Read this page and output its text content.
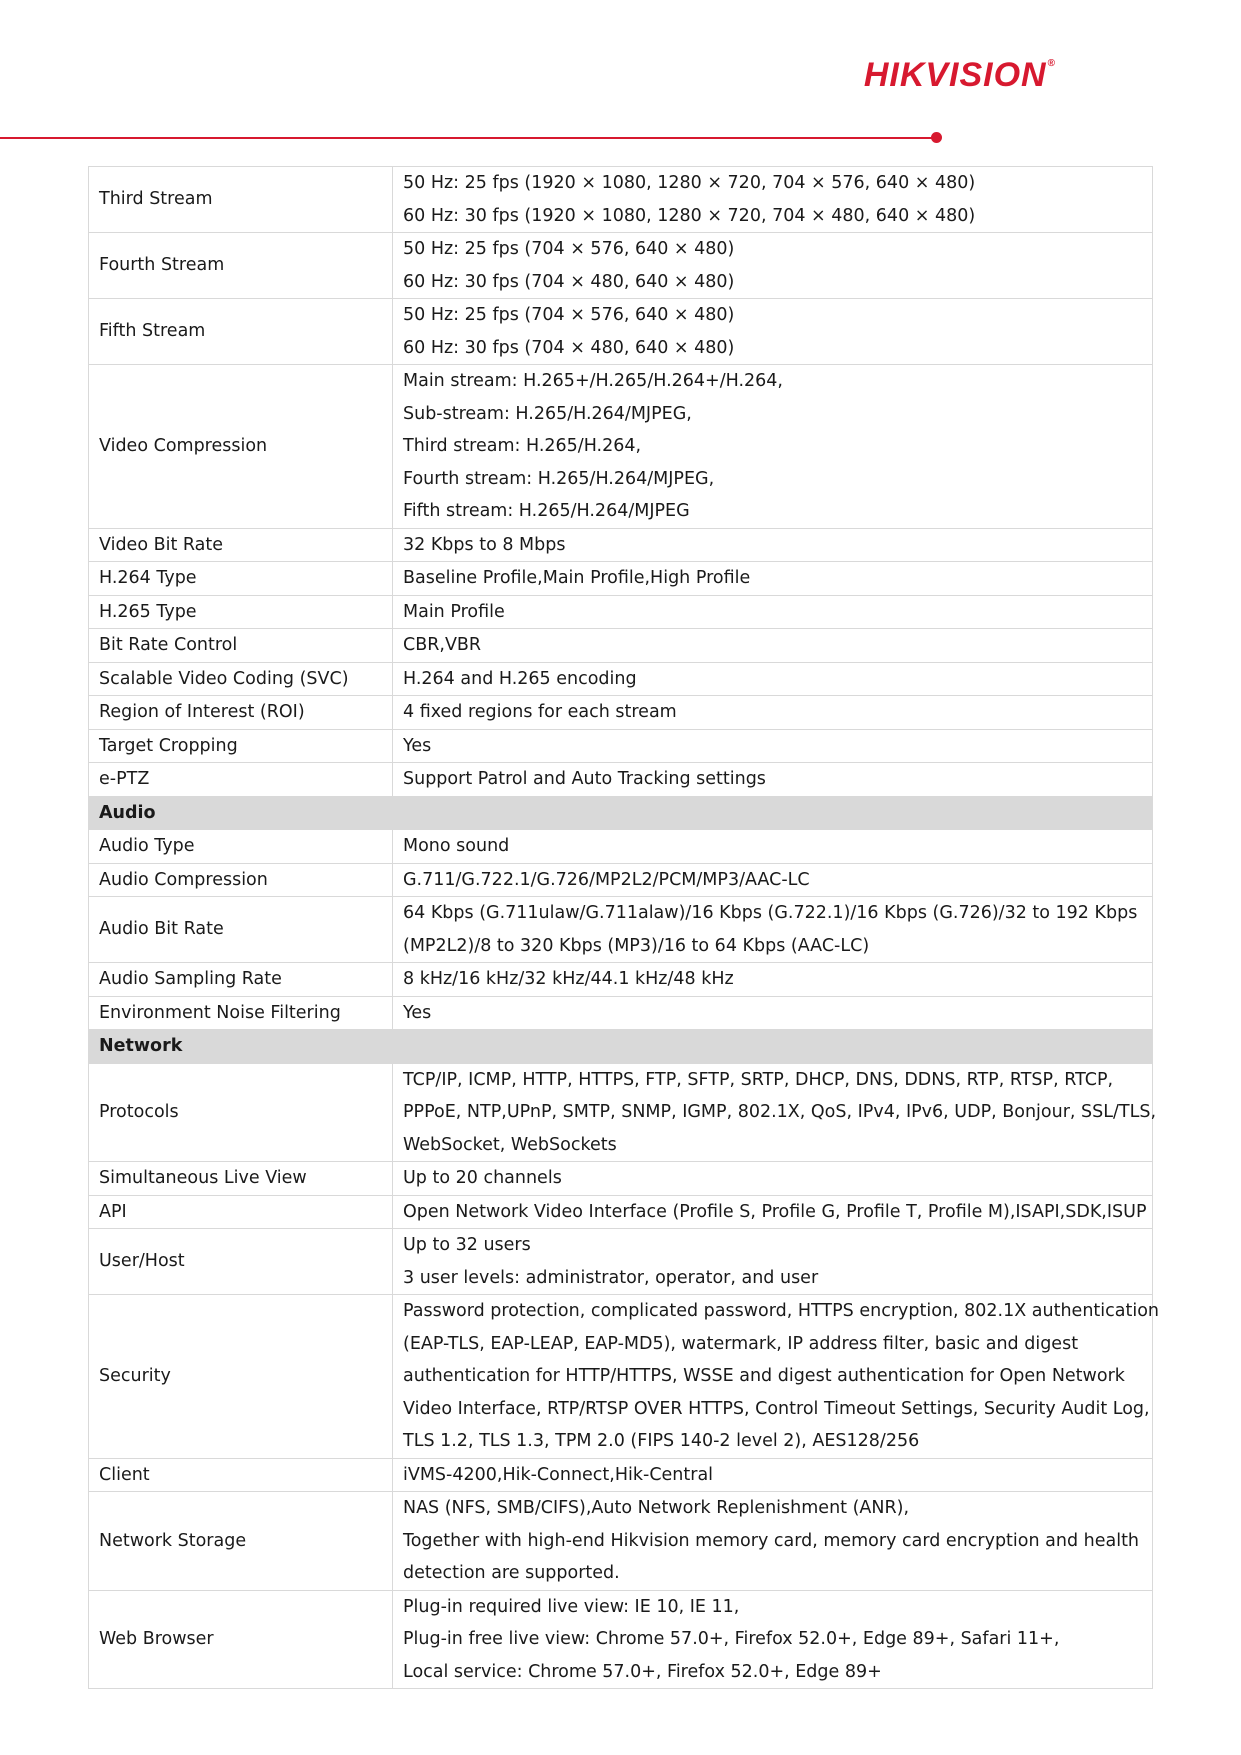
HIKVISION®
Third Stream	50 Hz: 25 fps (1920 × 1080, 1280 × 720, 704 × 576, 640 × 480)
60 Hz: 30 fps (1920 × 1080, 1280 × 720, 704 × 480, 640 × 480)

Fourth Stream	50 Hz: 25 fps (704 × 576, 640 × 480)
60 Hz: 30 fps (704 × 480, 640 × 480)

Fifth Stream	50 Hz: 25 fps (704 × 576, 640 × 480)
60 Hz: 30 fps (704 × 480, 640 × 480)

Video Compression	Main stream: H.265+/H.265/H.264+/H.264,
Sub-stream: H.265/H.264/MJPEG,
Third stream: H.265/H.264,
Fourth stream: H.265/H.264/MJPEG,
Fifth stream: H.265/H.264/MJPEG

Video Bit Rate	32 Kbps to 8 Mbps

H.264 Type	Baseline Profile,Main Profile,High Profile

H.265 Type	Main Profile

Bit Rate Control	CBR,VBR

Scalable Video Coding (SVC)	H.264 and H.265 encoding

Region of Interest (ROI)	4 fixed regions for each stream

Target Cropping	Yes

e-PTZ	Support Patrol and Auto Tracking settings

Audio	
Audio Type	Mono sound

Audio Compression	G.711/G.722.1/G.726/MP2L2/PCM/MP3/AAC-LC

Audio Bit Rate	64 Kbps (G.711ulaw/G.711alaw)/16 Kbps (G.722.1)/16 Kbps (G.726)/32 to 192 Kbps
(MP2L2)/8 to 320 Kbps (MP3)/16 to 64 Kbps (AAC-LC)

Audio Sampling Rate	8 kHz/16 kHz/32 kHz/44.1 kHz/48 kHz

Environment Noise Filtering	Yes

Network	
Protocols	TCP/IP, ICMP, HTTP, HTTPS, FTP, SFTP, SRTP, DHCP, DNS, DDNS, RTP, RTSP, RTCP,
PPPoE, NTP,UPnP, SMTP, SNMP, IGMP, 802.1X, QoS, IPv4, IPv6, UDP, Bonjour, SSL/TLS,
WebSocket, WebSockets

Simultaneous Live View	Up to 20 channels

API	Open Network Video Interface (Profile S, Profile G, Profile T, Profile M),ISAPI,SDK,ISUP

User/Host	Up to 32 users
3 user levels: administrator, operator, and user

Security	Password protection, complicated password, HTTPS encryption, 802.1X authentication
(EAP-TLS, EAP-LEAP, EAP-MD5), watermark, IP address filter, basic and digest
authentication for HTTP/HTTPS, WSSE and digest authentication for Open Network
Video Interface, RTP/RTSP OVER HTTPS, Control Timeout Settings, Security Audit Log,
TLS 1.2, TLS 1.3, TPM 2.0 (FIPS 140-2 level 2), AES128/256

Client	iVMS-4200,Hik-Connect,Hik-Central

Network Storage	NAS (NFS, SMB/CIFS),Auto Network Replenishment (ANR),
Together with high-end Hikvision memory card, memory card encryption and health
detection are supported.

Web Browser	Plug-in required live view: IE 10, IE 11,
Plug-in free live view: Chrome 57.0+, Firefox 52.0+, Edge 89+, Safari 11+,
Local service: Chrome 57.0+, Firefox 52.0+, Edge 89+
